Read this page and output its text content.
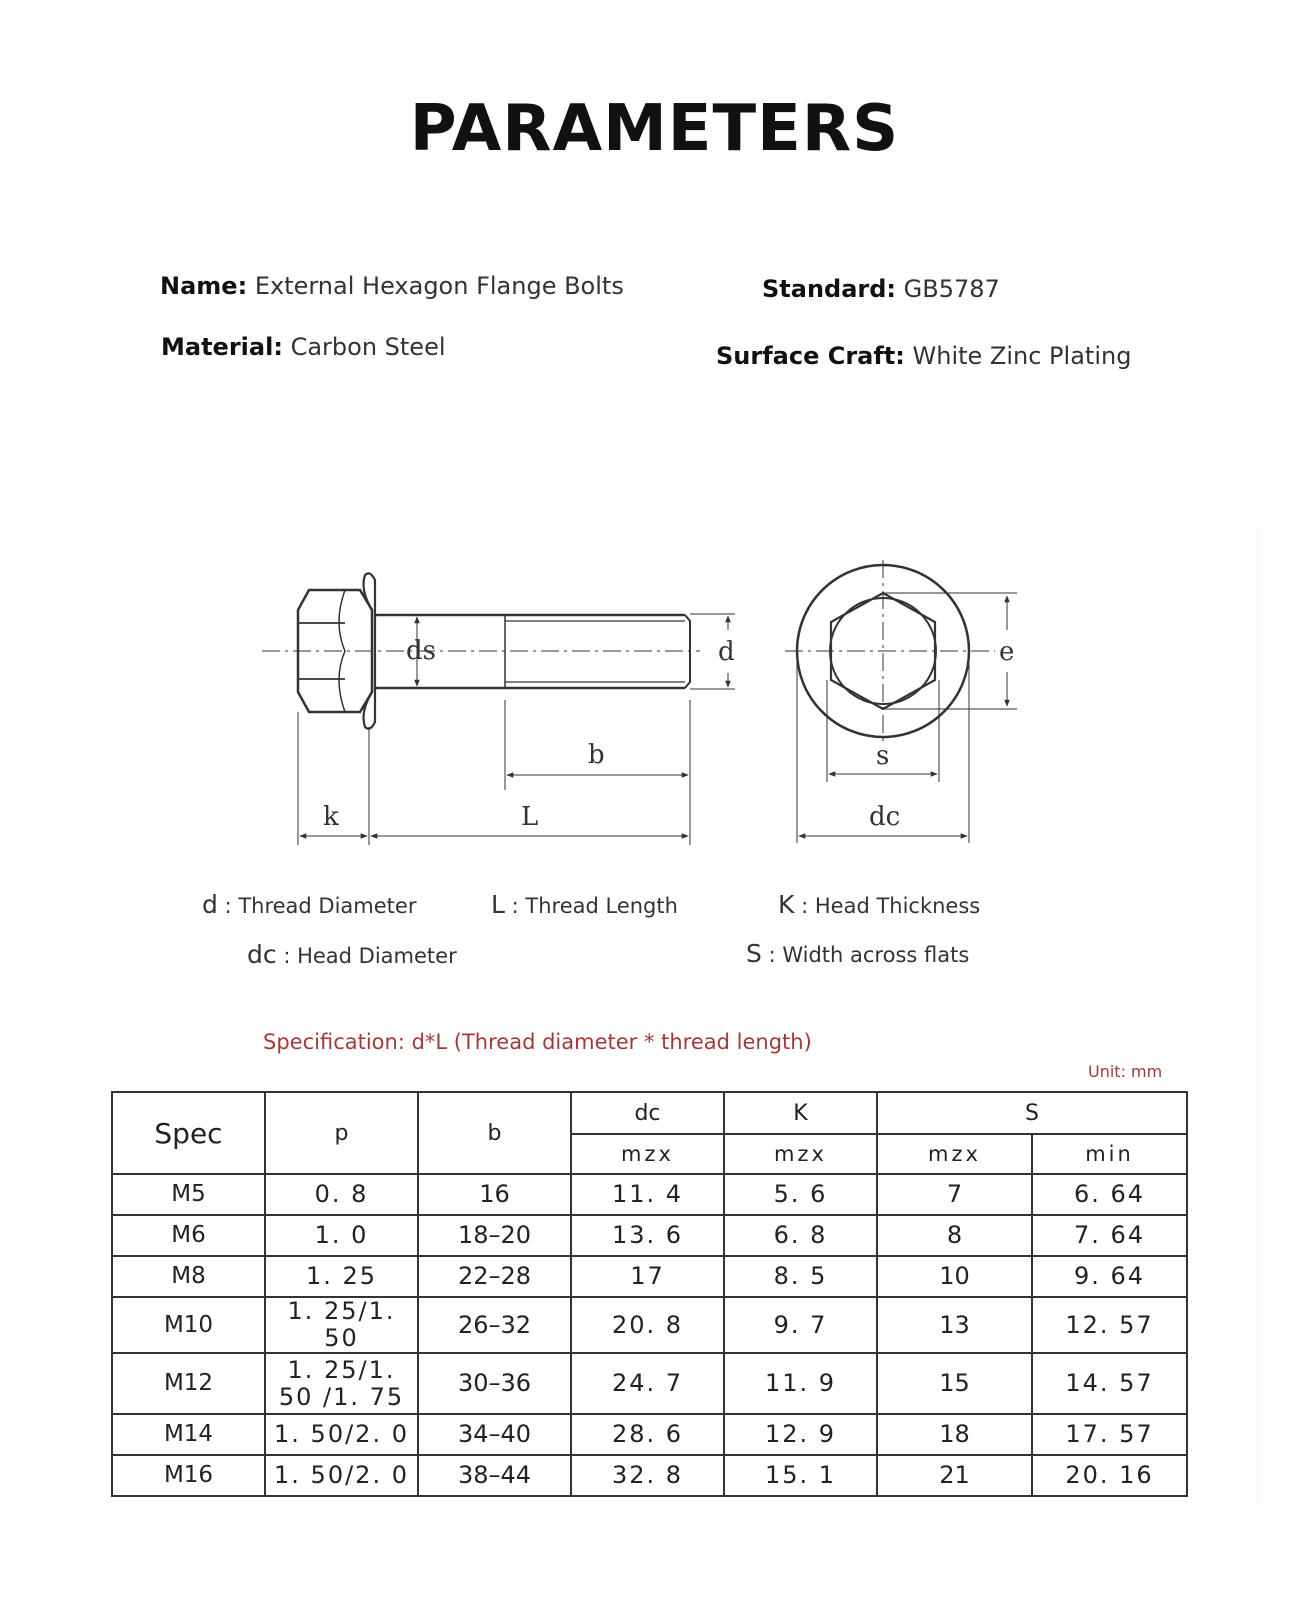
PARAMETERS
Name: External Hexagon Flange Bolts	Standard: GB5787
Material: Carbon Steel	Surface Craft: White Zinc Plating
ds	d
b
k	L
e
s
dc
d : Thread Diameter	L : Thread Length	K : Head Thickness
dc : Head Diameter	S : Width across flats
Specification: d*L (Thread diameter * thread length)
Unit: mm
Spec	p	b	dc	K	S	
			mzx	mzx	mzx	min
M5	0. 8	16	11. 4	5. 6	7	6. 64
M6	1. 0	18–20	13. 6	6. 8	8	7. 64
M8	1. 25	22–28	17	8. 5	10	9. 64
M10	1. 25/1. 50	26–32	20. 8	9. 7	13	12. 57
M12	1. 25/1. 50 /1. 75	30–36	24. 7	11. 9	15	14. 57
M14	1. 50/2. 0	34–40	28. 6	12. 9	18	17. 57
M16	1. 50/2. 0	38–44	32. 8	15. 1	21	20. 16
